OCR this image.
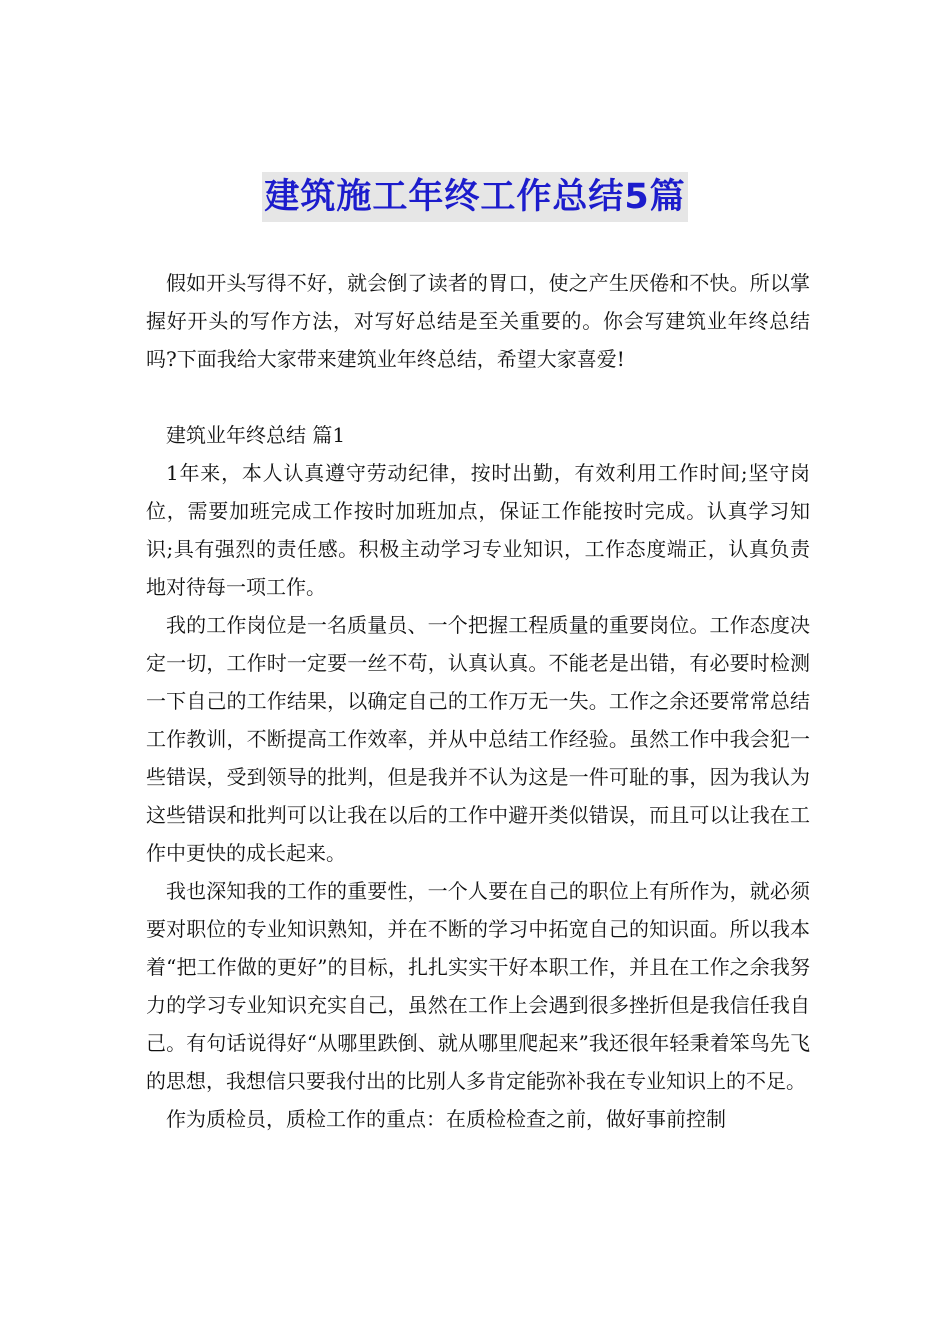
建筑施工年终工作总结5篇

假如开头写得不好，就会倒了读者的胃口，使之产生厌倦和不快。所以掌握好开头的写作方法，对写好总结是至关重要的。你会写建筑业年终总结吗?下面我给大家带来建筑业年终总结，希望大家喜爱!

建筑业年终总结 篇1

1年来，本人认真遵守劳动纪律，按时出勤，有效利用工作时间;坚守岗位，需要加班完成工作按时加班加点，保证工作能按时完成。认真学习知识;具有强烈的责任感。积极主动学习专业知识，工作态度端正，认真负责地对待每一项工作。

我的工作岗位是一名质量员、一个把握工程质量的重要岗位。工作态度决定一切，工作时一定要一丝不苟，认真认真。不能老是出错，有必要时检测一下自己的工作结果，以确定自己的工作万无一失。工作之余还要常常总结工作教训，不断提高工作效率，并从中总结工作经验。虽然工作中我会犯一些错误，受到领导的批判，但是我并不认为这是一件可耻的事，因为我认为这些错误和批判可以让我在以后的工作中避开类似错误，而且可以让我在工作中更快的成长起来。

我也深知我的工作的重要性，一个人要在自己的职位上有所作为，就必须要对职位的专业知识熟知，并在不断的学习中拓宽自己的知识面。所以我本着“把工作做的更好”的目标，扎扎实实干好本职工作，并且在工作之余我努力的学习专业知识充实自己，虽然在工作上会遇到很多挫折但是我信任我自己。有句话说得好“从哪里跌倒、就从哪里爬起来”我还很年轻秉着笨鸟先飞的思想，我想信只要我付出的比别人多肯定能弥补我在专业知识上的不足。

作为质检员，质检工作的重点：在质检检查之前，做好事前控制
